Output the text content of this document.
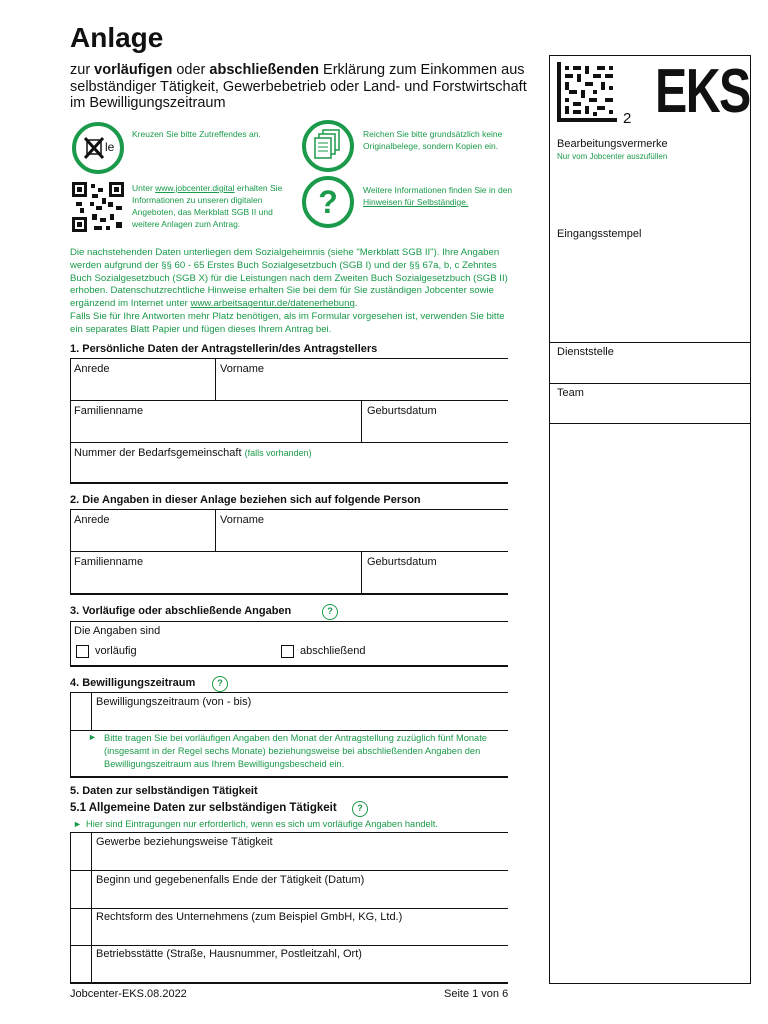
Anlage
zur vorläufigen oder abschließenden Erklärung zum Einkommen aus selbständiger Tätigkeit, Gewerbebetrieb oder Land- und Forstwirtschaft im Bewilligungszeitraum
le
Kreuzen Sie bitte Zutreffendes an.	Reichen Sie bitte grundsätzlich keine Originalbelege, sondern Kopien ein.
Unter www.jobcenter.digital erhalten Sie Informationen zu unseren digitalen Angeboten, das Merkblatt SGB II und weitere Anlagen zum Antrag.
?	Weitere Informationen finden Sie in den Hinweisen für Selbständige.
Die nachstehenden Daten unterliegen dem Sozialgeheimnis (siehe "Merkblatt SGB II"). Ihre Angaben werden aufgrund der §§ 60 - 65 Erstes Buch Sozialgesetzbuch (SGB I) und der §§ 67a, b, c Zehntes Buch Sozialgesetzbuch (SGB X) für die Leistungen nach dem Zweiten Buch Sozialgesetzbuch (SGB II) erhoben. Datenschutzrechtliche Hinweise erhalten Sie bei dem für Sie zuständigen Jobcenter sowie ergänzend im Internet unter www.arbeitsagentur.de/datenerhebung.
Falls Sie für Ihre Antworten mehr Platz benötigen, als im Formular vorgesehen ist, verwenden Sie bitte ein separates Blatt Papier und fügen dieses Ihrem Antrag bei.
1. Persönliche Daten der Antragstellerin/des Antragstellers
Anrede	Vorname
Familienname	Geburtsdatum
Nummer der Bedarfsgemeinschaft (falls vorhanden)
2. Die Angaben in dieser Anlage beziehen sich auf folgende Person
Anrede	Vorname
Familienname	Geburtsdatum
3. Vorläufige oder abschließende Angaben	?
Die Angaben sind
vorläufig	abschließend
4. Bewilligungszeitraum	?
Bewilligungszeitraum (von - bis)
► Bitte tragen Sie bei vorläufigen Angaben den Monat der Antragstellung zuzüglich fünf Monate (insgesamt in der Regel sechs Monate) beziehungsweise bei abschließenden Angaben den Bewilligungszeitraum aus Ihrem Bewilligungsbescheid ein.
5. Daten zur selbständigen Tätigkeit
5.1 Allgemeine Daten zur selbständigen Tätigkeit	?
► Hier sind Eintragungen nur erforderlich, wenn es sich um vorläufige Angaben handelt.
Gewerbe beziehungsweise Tätigkeit
Beginn und gegebenenfalls Ende der Tätigkeit (Datum)
Rechtsform des Unternehmens (zum Beispiel GmbH, KG, Ltd.)
Betriebsstätte (Straße, Hausnummer, Postleitzahl, Ort)
2 EKS
Bearbeitungsvermerke
Nur vom Jobcenter auszufüllen
Eingangsstempel
Dienststelle
Team
Jobcenter-EKS.08.2022	Seite 1 von 6
